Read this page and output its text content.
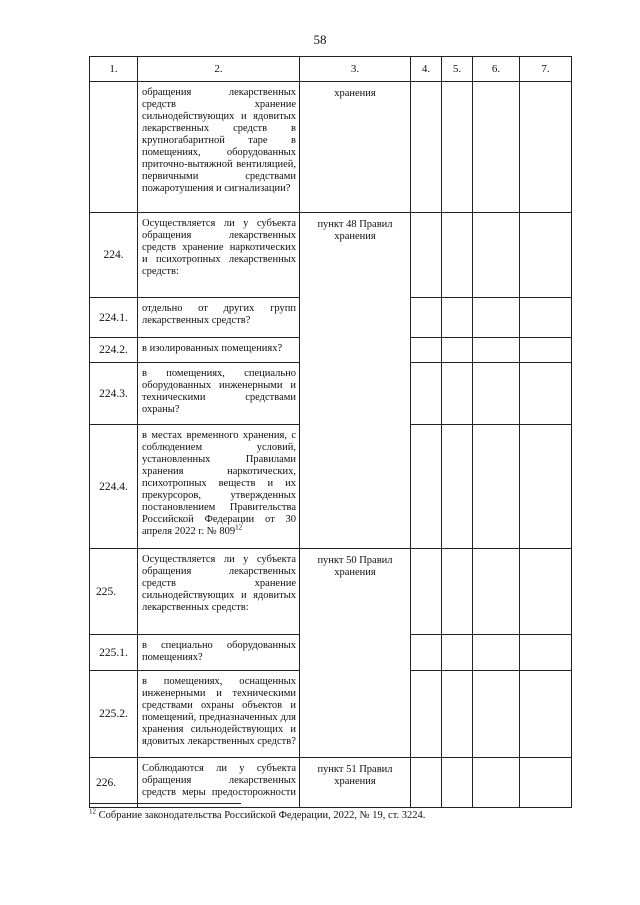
58
1.	2.	3.	4.	5.	6.	7.
	обращения лекарственных средств хранение сильнодействующих и ядовитых лекарственных средств в крупногабаритной таре в помещениях, оборудованных приточно-вытяжной вентиляцией, первичными средствами пожаротушения и сигнализации?	хранения				
224.	Осуществляется ли у субъекта обращения лекарственных средств хранение наркотических и психотропных лекарственных средств:	пункт 48 Правил хранения				
224.1.	отдельно от других групп лекарственных средств?					
224.2.	в изолированных помещениях?					
224.3.	в помещениях, специально оборудованных инженерными и техническими средствами охраны?					
224.4.	в местах временного хранения, с соблюдением условий, установленных Правилами хранения наркотических, психотропных веществ и их прекурсоров, утвержденных постановлением Правительства Российской Федерации от 30 апреля 2022 г. № $809^{12}$				
225.	Осуществляется ли у субъекта обращения лекарственных средств хранение сильнодействующих и ядовитых лекарственных средств:	пункт 50 Правил хранения				
225.1.	в специально оборудованных помещениях?					
225.2.	в помещениях, оснащенных инженерными и техническими средствами охраны объектов и помещений, предназначенных для хранения сильнодействующих и ядовитых лекарственных средств?					
226.	Соблюдаются ли у субъекта обращения лекарственных средств меры предосторожности	пункт 51 Правил хранения				
$^{12}$ Собрание законодательства Российской Федерации, 2022, № 19, ст. 3224.
